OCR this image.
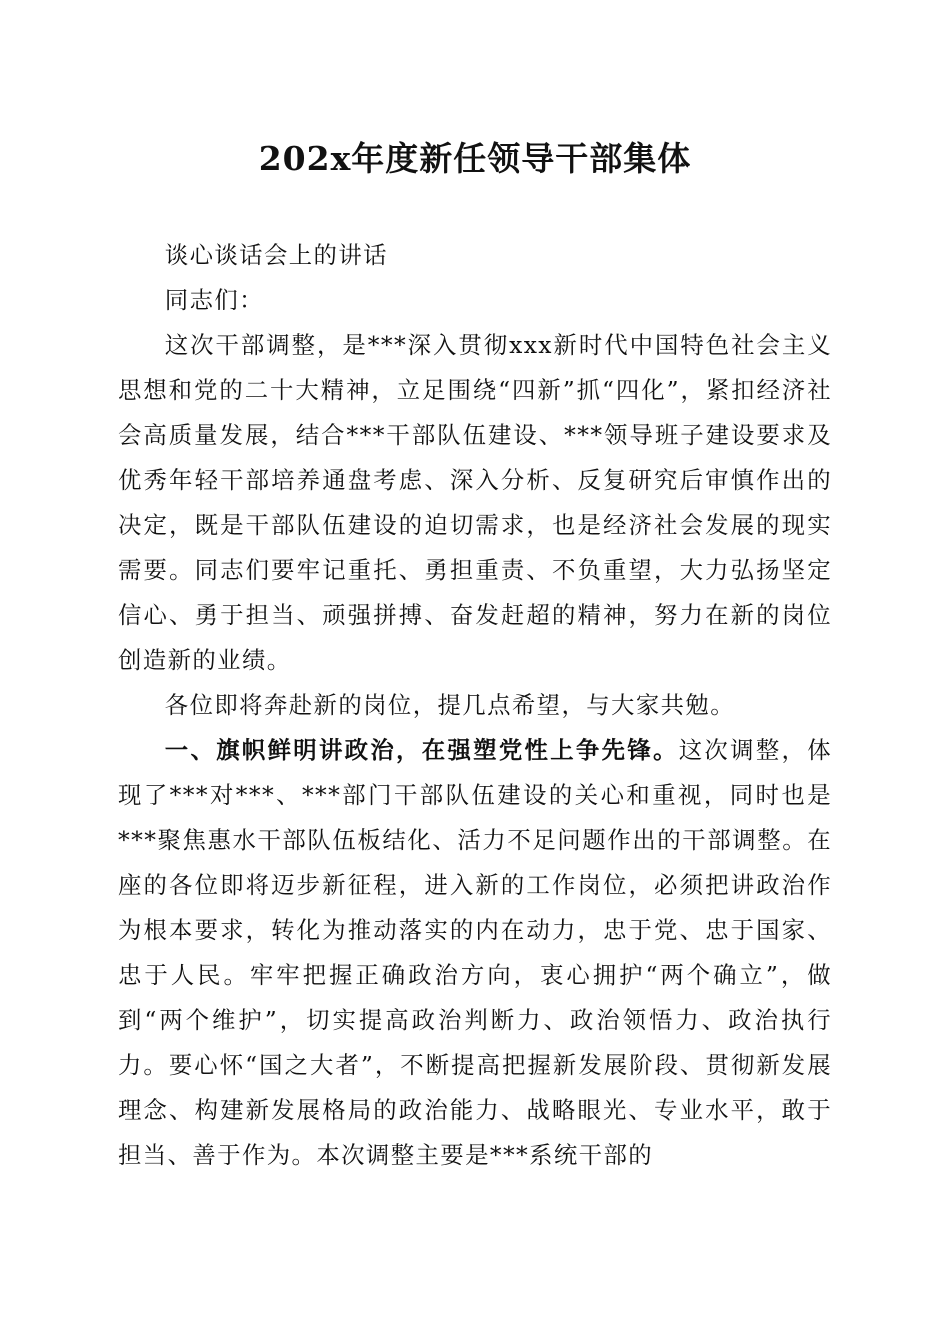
202x年度新任领导干部集体

谈心谈话会上的讲话

同志们：

这次干部调整，是***深入贯彻xxx新时代中国特色社会主义思想和党的二十大精神，立足围绕“四新”抓“四化”，紧扣经济社会高质量发展，结合***干部队伍建设、***领导班子建设要求及优秀年轻干部培养通盘考虑、深入分析、反复研究后审慎作出的决定，既是干部队伍建设的迫切需求，也是经济社会发展的现实需要。同志们要牢记重托、勇担重责、不负重望，大力弘扬坚定信心、勇于担当、顽强拼搏、奋发赶超的精神，努力在新的岗位创造新的业绩。

各位即将奔赴新的岗位，提几点希望，与大家共勉。

一、旗帜鲜明讲政治，在强塑党性上争先锋。这次调整，体现了***对***、***部门干部队伍建设的关心和重视，同时也是***聚焦惠水干部队伍板结化、活力不足问题作出的干部调整。在座的各位即将迈步新征程，进入新的工作岗位，必须把讲政治作为根本要求，转化为推动落实的内在动力，忠于党、忠于国家、忠于人民。牢牢把握正确政治方向，衷心拥护“两个确立”，做到“两个维护”，切实提高政治判断力、政治领悟力、政治执行力。要心怀“国之大者”，不断提高把握新发展阶段、贯彻新发展理念、构建新发展格局的政治能力、战略眼光、专业水平，敢于担当、善于作为。本次调整主要是***系统干部的
